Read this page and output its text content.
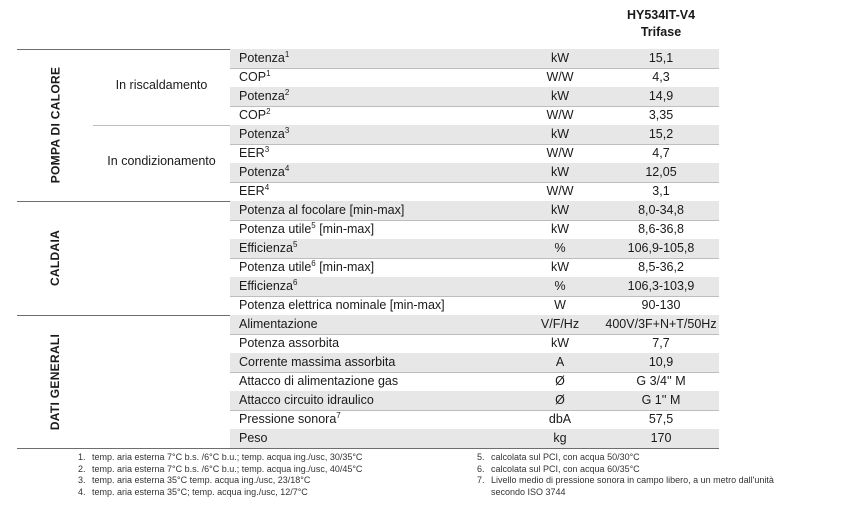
HY534IT-V4
Trifase
Potenza$^1$	kW	15,1
COP$^1$	W/W	4,3
Potenza$^2$	kW	14,9
COP$^2$	W/W	3,35
In riscaldamento
Potenza$^3$	kW	15,2
EER$^3$	W/W	4,7
Potenza$^4$	kW	12,05
EER$^4$	W/W	3,1
In condizionamento
POMPA DI CALORE
Potenza al focolare [min-max]	kW	8,0-34,8
Potenza utile$^5$ [min-max]	kW	8,6-36,8
Efficienza$^5$	%	106,9-105,8
Potenza utile$^6$ [min-max]	kW	8,5-36,2
Efficienza$^6$	%	106,3-103,9
Potenza elettrica nominale [min-max]	W	90-130
CALDAIA
Alimentazione	V/F/Hz	400V/3F+N+T/50Hz
Potenza assorbita	kW	7,7
Corrente massima assorbita	A	10,9
Attacco di alimentazione gas	Ø	G 3/4'' M
Attacco circuito idraulico	Ø	G 1'' M
Pressione sonora$^7$	dbA	57,5
Peso	kg	170
DATI GENERALI
1. temp. aria esterna 7°C b.s. /6°C b.u.; temp. acqua ing./usc, 30/35°C
2. temp. aria esterna 7°C b.s. /6°C b.u.; temp. acqua ing./usc, 40/45°C
3. temp. aria esterna 35°C temp. acqua ing./usc, 23/18°C
4. temp. aria esterna 35°C; temp. acqua ing./usc, 12/7°C
5. calcolata sul PCI, con acqua 50/30°C
6. calcolata sul PCI, con acqua 60/35°C
7. Livello medio di pressione sonora in campo libero, a un metro dall'unità
secondo ISO 3744
